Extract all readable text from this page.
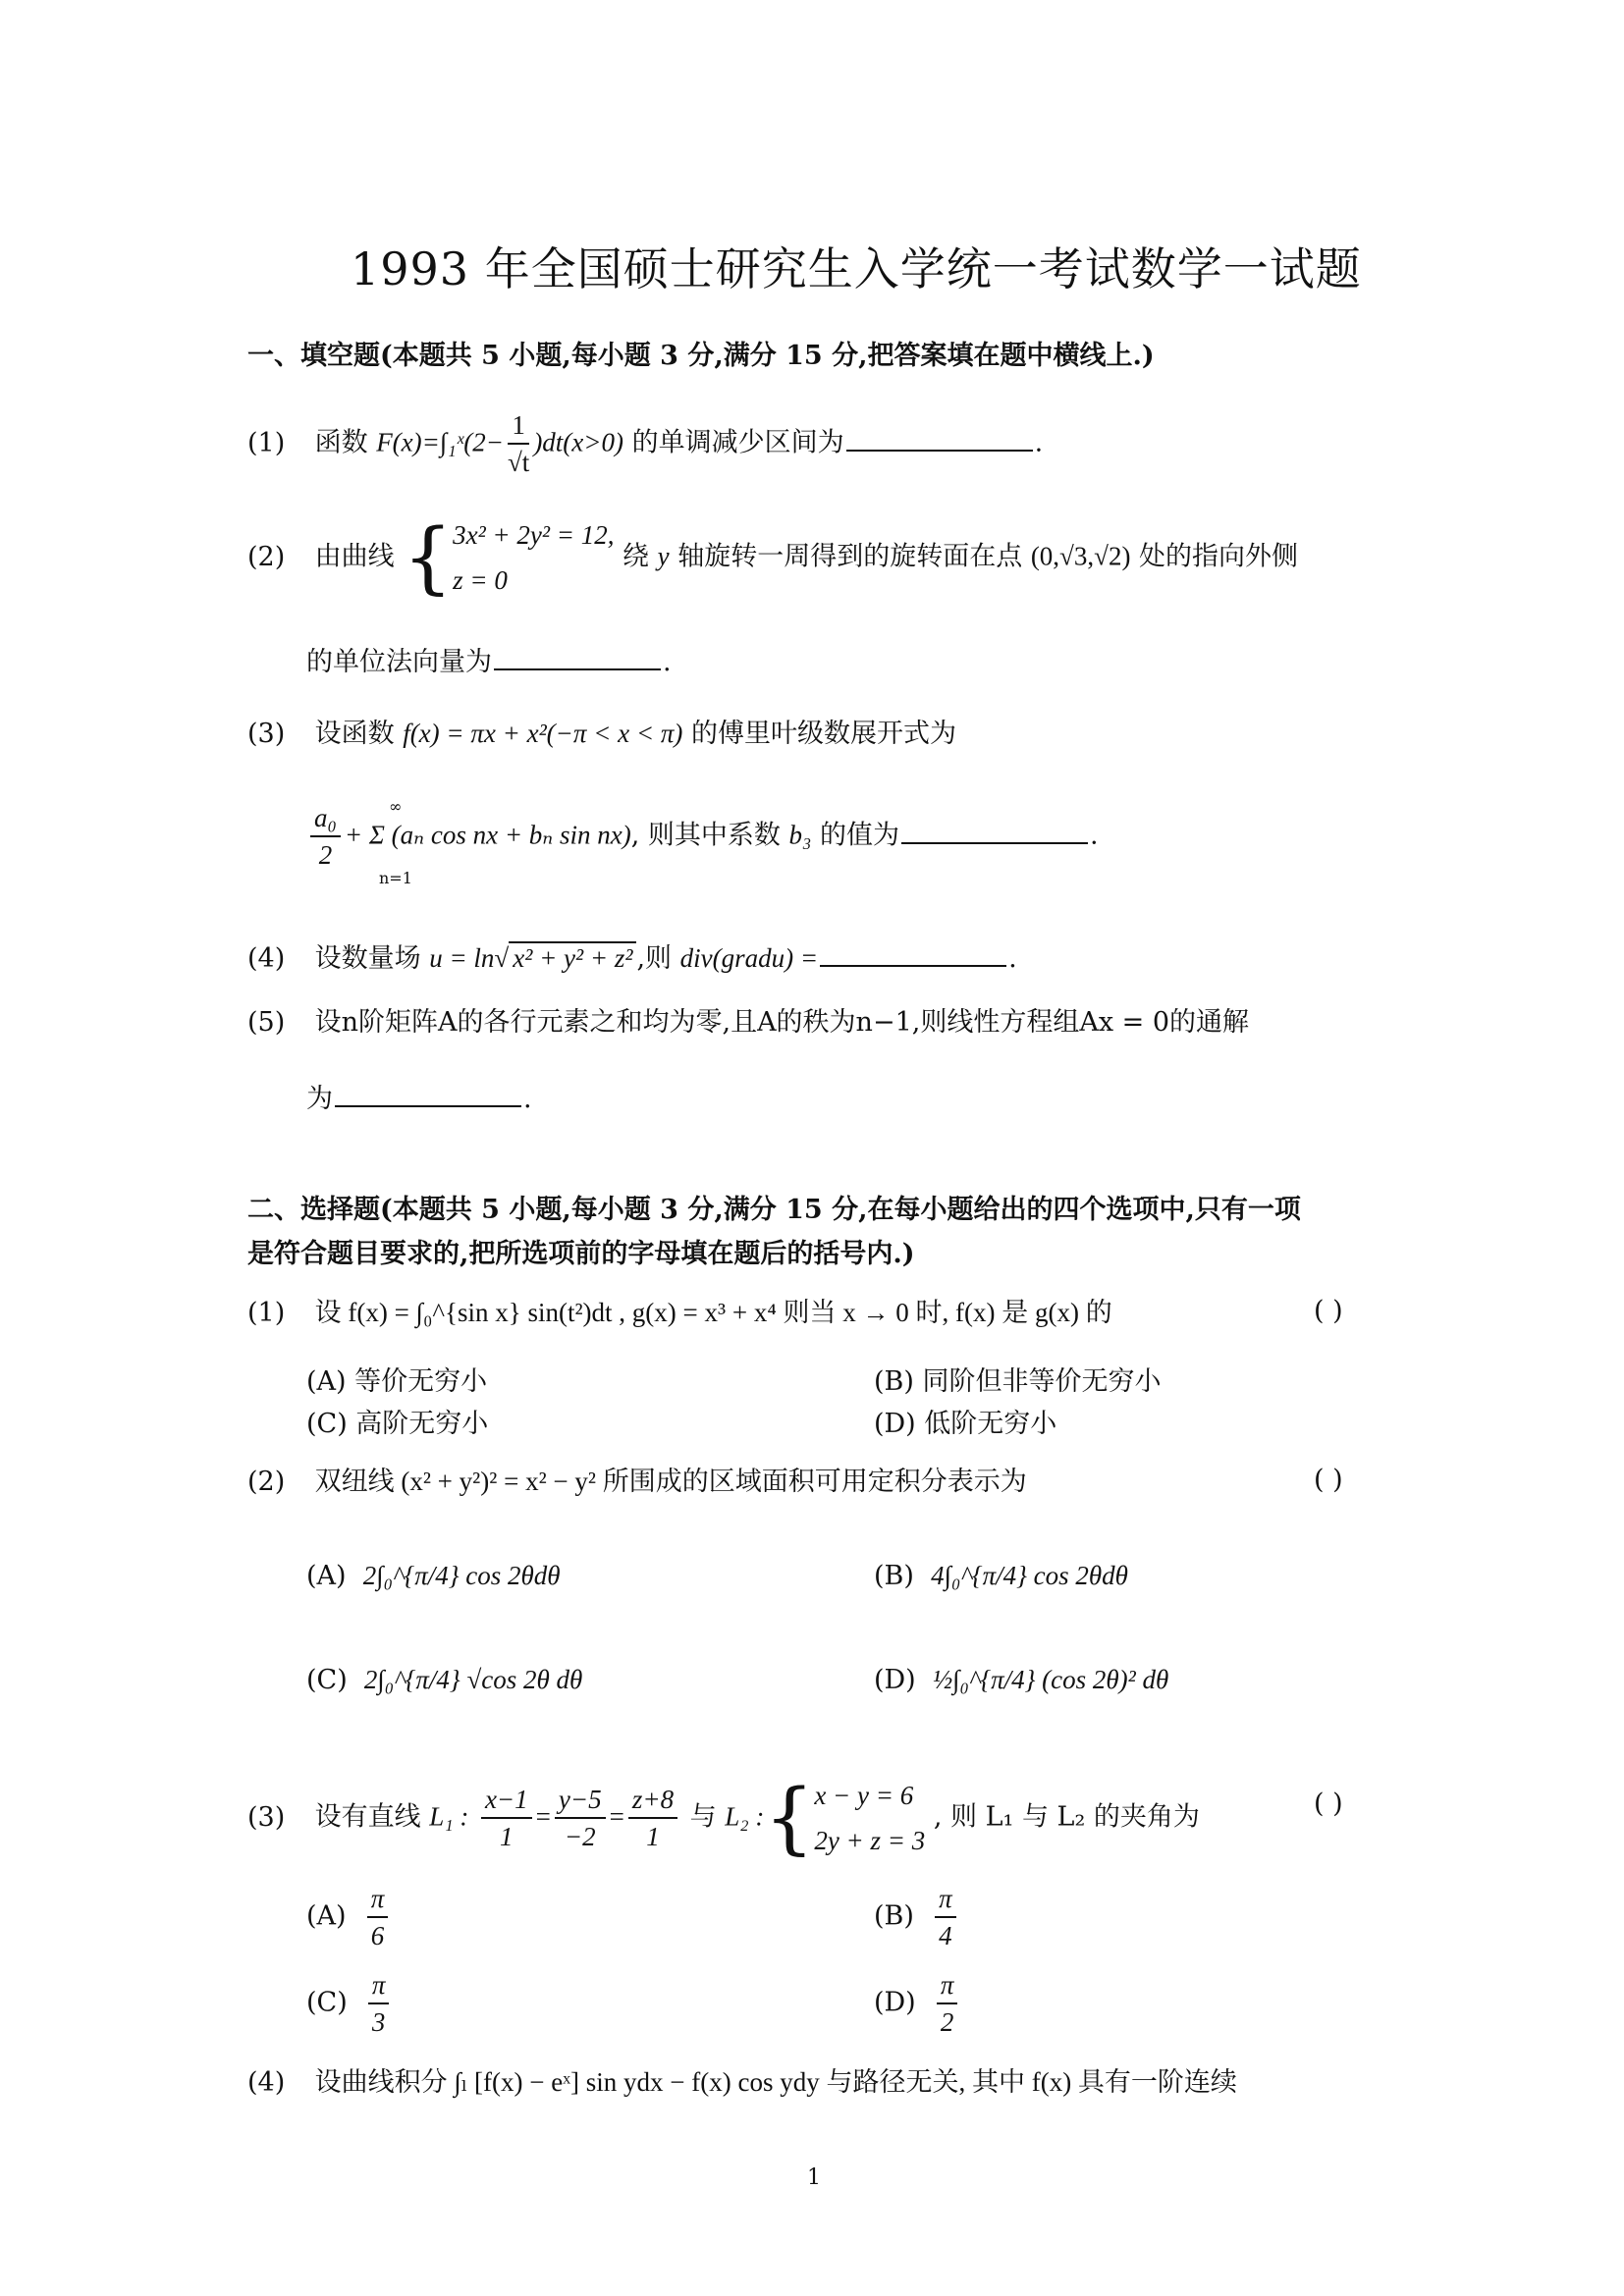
1993 年全国硕士研究生入学统一考试数学一试题
一、填空题(本题共 5 小题,每小题 3 分,满分 15 分,把答案填在题中横线上.)
(1) 函数 F(x)=∫₁ˣ(2− $\frac{1}{√t} )dt(x>0)$ 的单调减少区间为	.
(2) 由曲线 { 3x² + 2y² = 12,
z = 0
绕 y 轴旋转一周得到的旋转面在点 (0,√3,√2) 处的指向外侧
的单位法向量为	.
(3) 设函数 f(x) = πx + x²(−π < x < π) 的傅里叶级数展开式为
$\frac{\text{a₀}}{2} + \Sigma$ (aₙ cos nx + bₙ sin nx), 则其中系数 b₃ 的值为	.
∞
n=1
(4) 设数量场 u = ln√ x² + y² + z² ,则 div(gradu) =	.
(5) 设n阶矩阵A的各行元素之和均为零,且A的秩为n−1,则线性方程组Ax = 0的通解
为	.
二、选择题(本题共 5 小题,每小题 3 分,满分 15 分,在每小题给出的四个选项中,只有一项
是符合题目要求的,把所选项前的字母填在题后的括号内.)
(1) 设 f(x) = ∫₀^{sin x} sin(t²)dt , g(x) = x³ + x⁴ 则当 x → 0 时, f(x) 是 g(x) 的	( )
(A) 等价无穷小	(B) 同阶但非等价无穷小
(C) 高阶无穷小	(D) 低阶无穷小
(2) 双纽线 (x² + y²)² = x² − y² 所围成的区域面积可用定积分表示为	( )
(A) 2∫₀^{π/4} cos 2θdθ	(B) 4∫₀^{π/4} cos 2θdθ
(C) 2∫₀^{π/4} √cos 2θ dθ	(D) ½∫₀^{π/4} (cos 2θ)² dθ
(3) 设有直线 L₁ : $\frac{x-1}{1} = \frac{y-5}{-2} = \frac{z+8}{1}$ 与 L₂ :{ x − y = 6
2y + z = 3
, 则 L₁ 与 L₂ 的夹角为	( )
$(A) \frac{\pi}{6}$	$(B) \frac{\pi}{4}$
$(C) \frac{\pi}{3}$	$(D) \frac{\pi}{2}$
(4) 设曲线积分 ∫ₗ [f(x) − eˣ] sin ydx − f(x) cos ydy 与路径无关, 其中 f(x) 具有一阶连续
1
